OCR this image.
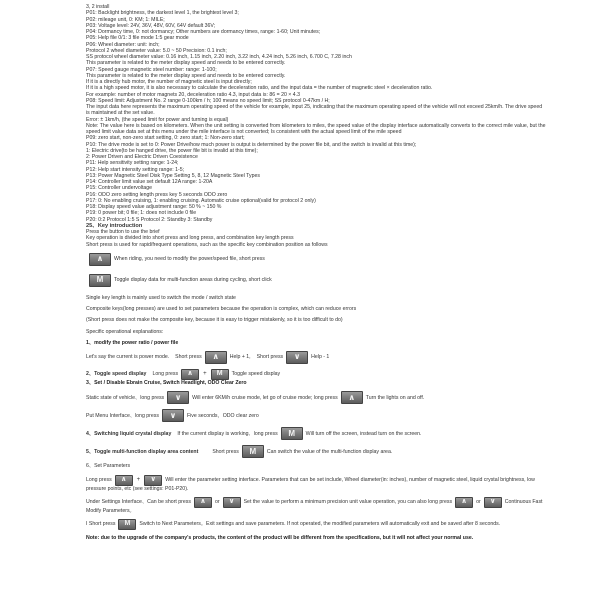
3, 2 install
P01: Backlight brightness, the darkest level 1, the brightest level 3;
P02: mileage unit, 0: KM; 1: MILE;
P03: Voltage level: 24V, 36V, 48V, 60V, 64V default 36V;
P04: Dormancy time, 0: not dormancy; Other numbers are dormancy times, range: 1-60; Unit minutes;
P05: Help file 0/1: 3 file mode 1:5 gear mode
P06: Wheel diameter: unit: inch;
Protocol 2 wheel diameter value: 5.0 ~ 50 Precision: 0.1 inch;
SS protocol wheel diameter value: 0.16 inch, 1.15 inch, 2.20 inch, 3.22 inch, 4.24 inch, 5.26 inch, 6.700 C, 7.28 inch
This parameter is related to the meter display speed and needs to be entered correctly.
P07: Speed gauge magnetic steel number: range: 1-100;
This parameter is related to the meter display speed and needs to be entered correctly.
If it is a directly hub motor, the number of magnetic steel is input directly;
If it is a high speed motor, it is also necessary to calculate the deceleration ratio, and the input data = the number of magnetic steel × deceleration ratio.
For example: number of motor magnets 20, deceleration ratio 4.3, input data is: 86 = 20 × 4.3
P08: Speed limit: Adjustment No. 2 range 0-100km / h; 100 means no speed limit; SS protocol 0-47km / H;
The input data here represents the maximum operating speed of the vehicle for example, input 25, indicating that the maximum operating speed of the vehicle will not exceed 25km/h. The drive speed
is maintained at the set value.
Error: ± 1km/h, (the speed limit for power and turning is equal)
Note: The value here is based on kilometers. When the unit setting is converted from kilometers to miles, the speed value of the display interface automatically converts to the correct mile value, but the
speed limit value data set at this menu under the mile interface is not converted; Is consistent with the actual speed limit of the mile speed
P09: zero start, non-zero start setting, 0: zero start; 1: Non-zero start;
P10: The drive mode is set to 0: Power Drive/how much power is output is determined by the power file bit, and the switch is invalid at this time);
1: Electric drive(to be hanged drive, the power file bit is invalid at this time);
2: Power Driven and Electric Driven Coexistence
P11: Help sensitivity setting range: 1-24;
P12: Help start intensity setting range: 1-5;
P13: Power Magnetic Steel Disk Type Setting 5, 8, 12 Magnetic Steel Types
P14: Controller limit value set default 12A range: 1-20A
P15: Controller undervoltage
P16: ODO zero setting length press key 5 seconds ODO zero
P17: 0: No enabling cruising, 1: enabling cruising. Automatic cruise optional(valid for protocol 2 only)
P18: Display speed value adjustment range: 50 % ~ 150 %
P19: 0 power bit; 0 file; 1: does not include 0 file
P20: 0:2 Protocol 1:5 S Protocol 2: Standby 3: Standby
25、Key introduction
Press the button to use the brief
Key operation is divided into short press and long press, and combination key length press
Short press is used for rapid/frequent operations, such as the specific key combination position as follows
∧	When riding, you need to modify the power/speed file, short press
M	Toggle display data for multi-function areas during cycling, short click
Single key length is mainly used to switch the mode / switch state
Composite keys(long presses) are used to set parameters because the operation is complex, which can reduce errors
(Short press does not make the composite key, because it is easy to trigger mistakenly, so it is too difficult to do)
Specific operational explanations:
1、modify the power ratio / power file
Let's say the current is power mode. Short press	∧	Help + 1, Short press	∨	Help - 1
2、Toggle speed display Long press	∧	+	M	Toggle speed display
3、Set / Disable Ebrain Cruise, Switch Headlight, ODO Clear Zero
Static state of vehicle、long press	∨	Will enter 6KM/h cruise mode, let go of cruise mode; long press	∧	Turn the lights on and off.
Put Menu Interface、long press	∨	Five seconds，ODO clear zero
4、Switching liquid crystal display If the current display is working、long press	M	Will turn off the screen, instead turn on the screen.
5、Toggle multi-function display area content	Short press	M	Can switch the value of the multi-function display area.
6、Set Parameters
Long press	∧	+	∨	Will enter the parameter setting interface. Parameters that can be set include, Wheel diameter(in: inches), number of magnetic steel, liquid crystal brightness, low
pressure points, etc (see settings: P01-P20).
Under Settings Interface、Can be short press	∧	or	∨	Set the value to perform a minimum precision unit value operation, you can also long press	∧	or	∨	Continuous Fast
Modify Parameters。
I Short press	M	Switch to Next Parameters。Exit settings and save parameters. If not operated, the modified parameters will automatically exit and be saved after 8 seconds.
Note: due to the upgrade of the company's products, the content of the product will be different from the specifications, but it will not affect your normal use.
